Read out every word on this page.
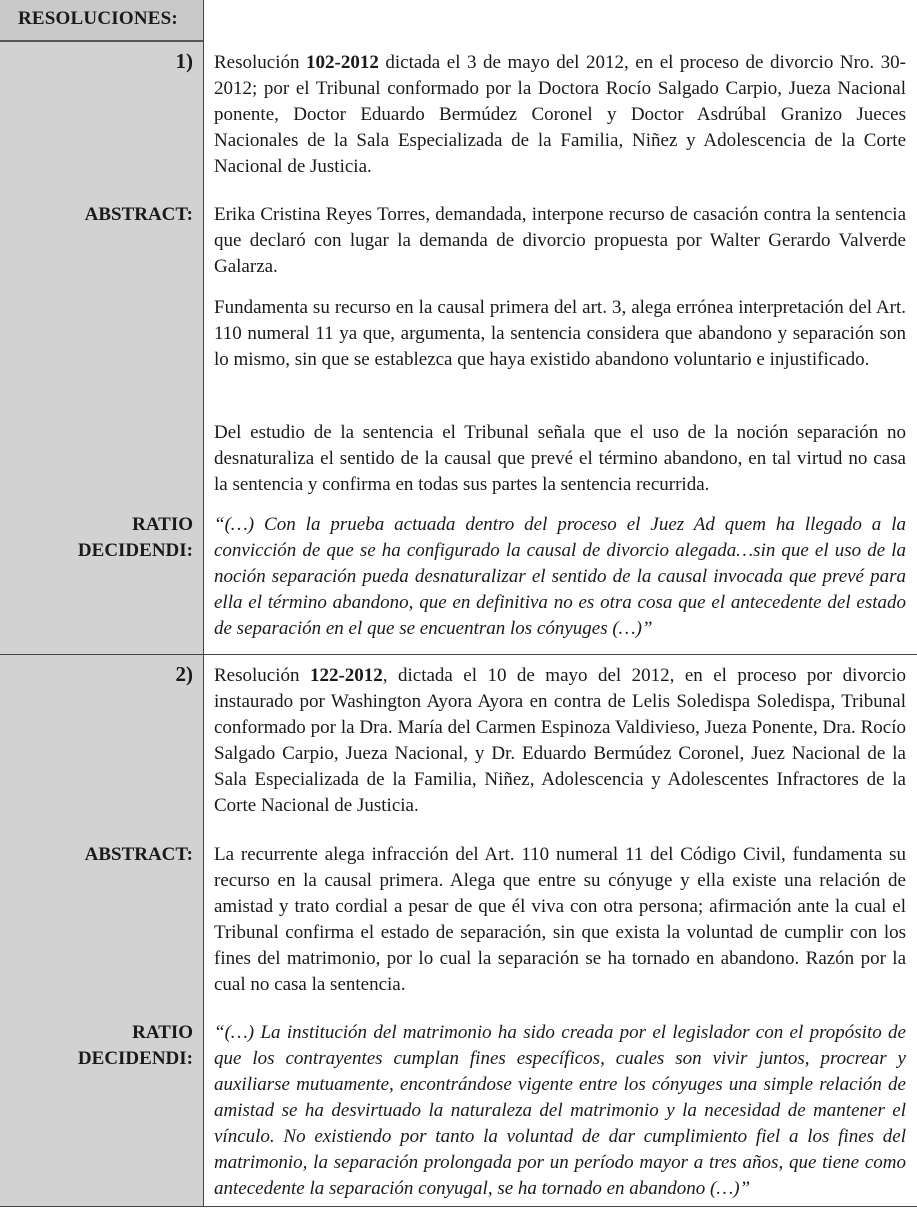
RESOLUCIONES:
1) Resolución 102-2012 dictada el 3 de mayo del 2012, en el proceso de divorcio Nro. 30-2012; por el Tribunal conformado por la Doctora Rocío Salgado Carpio, Jueza Nacional ponente, Doctor Eduardo Bermúdez Coronel y Doctor Asdrúbal Granizo Jueces Nacionales de la Sala Especializada de la Familia, Niñez y Adolescencia de la Corte Nacional de Justicia.
ABSTRACT: Erika Cristina Reyes Torres, demandada, interpone recurso de casación contra la sentencia que declaró con lugar la demanda de divorcio propuesta por Walter Gerardo Valverde Galarza.
Fundamenta su recurso en la causal primera del art. 3, alega errónea interpretación del Art. 110 numeral 11 ya que, argumenta, la sentencia considera que abandono y separación son lo mismo, sin que se establezca que haya existido abandono voluntario e injustificado.
Del estudio de la sentencia el Tribunal señala que el uso de la noción separación no desnaturaliza el sentido de la causal que prevé el término abandono, en tal virtud no casa la sentencia y confirma en todas sus partes la sentencia recurrida.
RATIO
DECIDENDI:
“(…) Con la prueba actuada dentro del proceso el Juez Ad quem ha llegado a la convicción de que se ha configurado la causal de divorcio alegada…sin que el uso de la noción separación pueda desnaturalizar el sentido de la causal invocada que prevé para ella el término abandono, que en definitiva no es otra cosa que el antecedente del estado de separación en el que se encuentran los cónyuges (…)”
2) Resolución 122-2012, dictada el 10 de mayo del 2012, en el proceso por divorcio instaurado por Washington Ayora Ayora en contra de Lelis Soledispa Soledispa, Tribunal conformado por la Dra. María del Carmen Espinoza Valdivieso, Jueza Ponente, Dra. Rocío Salgado Carpio, Jueza Nacional, y Dr. Eduardo Bermúdez Coronel, Juez Nacional de la Sala Especializada de la Familia, Niñez, Adolescencia y Adolescentes Infractores de la Corte Nacional de Justicia.
ABSTRACT: La recurrente alega infracción del Art. 110 numeral 11 del Código Civil, fundamenta su recurso en la causal primera. Alega que entre su cónyuge y ella existe una relación de amistad y trato cordial a pesar de que él viva con otra persona; afirmación ante la cual el Tribunal confirma el estado de separación, sin que exista la voluntad de cumplir con los fines del matrimonio, por lo cual la separación se ha tornado en abandono. Razón por la cual no casa la sentencia.
RATIO
DECIDENDI:
“(…) La institución del matrimonio ha sido creada por el legislador con el propósito de que los contrayentes cumplan fines específicos, cuales son vivir juntos, procrear y auxiliarse mutuamente, encontrándose vigente entre los cónyuges una simple relación de amistad se ha desvirtuado la naturaleza del matrimonio y la necesidad de mantener el vínculo. No existiendo por tanto la voluntad de dar cumplimiento fiel a los fines del matrimonio, la separación prolongada por un período mayor a tres años, que tiene como antecedente la separación conyugal, se ha tornado en abandono (…)”
